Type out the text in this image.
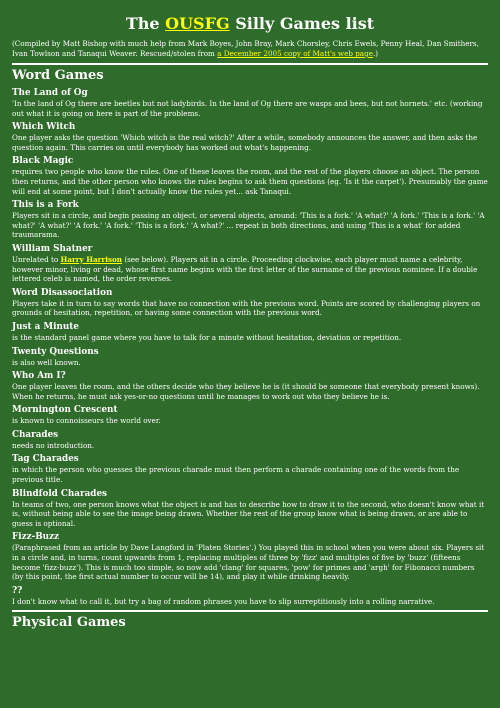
The OUSFG Silly Games list

(Compiled by Matt Bishop with much help from Mark Boyes, John Bray, Mark Chorsley, Chris Ewels, Penny Heal, Dan Smithers, Ivan Towlson and Tanaqui Weaver. Rescued/stolen from a December 2005 copy of Matt's web page.)

Word Games
The Land of Og
'In the land of Og there are beetles but not ladybirds. In the land of Og there are wasps and bees, but not hornets.' etc. (working out what it is going on here is part of the problems.
Which Witch
One player asks the question 'Which witch is the real witch?' After a while, somebody announces the answer, and then asks the question again. This carries on until everybody has worked out what's happening.
Black Magic
requires two people who know the rules. One of these leaves the room, and the rest of the players choose an object. The person then returns, and the other person who knows the rules begins to ask them questions (eg. 'Is it the carpet'). Presumably the game will end at some point, but I don't actually know the rules yet... ask Tanaqui.
This is a Fork
Players sit in a circle, and begin passing an object, or several objects, around: 'This is a fork.' 'A what?' 'A fork.' 'This is a fork.' 'A what?' 'A what?' 'A fork.' 'A fork.' 'This is a fork.' 'A what?' ... repeat in both directions, and using 'This is a what' for added traumarama.
William Shatner
Unrelated to Harry Harrison (see below). Players sit in a circle. Proceeding clockwise, each player must name a celebrity, however minor, living or dead, whose first name begins with the first letter of the surname of the previous nominee. If a double lettered celeb is named, the order reverses.
Word Disassociation
Players take it in turn to say words that have no connection with the previous word. Points are scored by challenging players on grounds of hesitation, repetition, or having some connection with the previous word.
Just a Minute
is the standard panel game where you have to talk for a minute without hesitation, deviation or repetition.
Twenty Questions
is also well known.
Who Am I?
One player leaves the room, and the others decide who they believe he is (it should be someone that everybody present knows). When he returns, he must ask yes-or-no questions until he manages to work out who they believe he is.
Mornington Crescent
is known to connoisseurs the world over.
Charades
needs no introduction.
Tag Charades
in which the person who guesses the previous charade must then perform a charade containing one of the words from the previous title.
Blindfold Charades
In teams of two, one person knows what the object is and has to describe how to draw it to the second, who doesn't know what it is, without being able to see the image being drawn. Whether the rest of the group know what is being drawn, or are able to guess is optional.
Fizz-Buzz
(Paraphrased from an article by Dave Langford in 'Platen Stories'.) You played this in school when you were about six. Players sit in a circle and, in turns, count upwards from 1, replacing multiples of three by 'fizz' and multiples of five by 'buzz' (fifteens become 'fizz-buzz'). This is much too simple, so now add 'clang' for squares, 'pow' for primes and 'argh' for Fibonacci numbers (by this point, the first actual number to occur will be 14), and play it while drinking heavily.
??
I don't know what to call it, but try a bag of random phrases you have to slip surreptitiously into a rolling narrative.
Physical Games
